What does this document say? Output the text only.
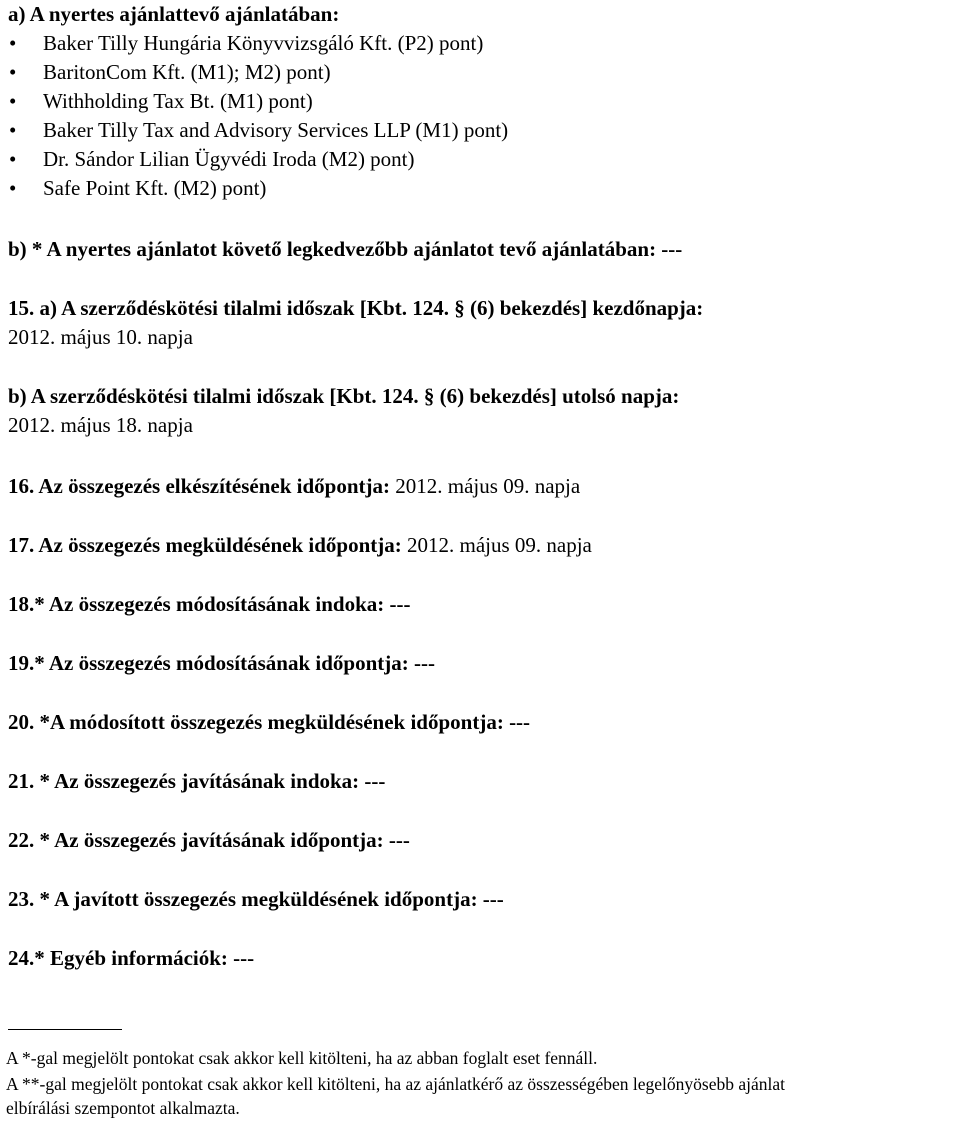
a) A nyertes ajánlattevő ajánlatában:
• Baker Tilly Hungária Könyvvizsgáló Kft. (P2) pont)
• BaritonCom Kft. (M1); M2) pont)
• Withholding Tax Bt. (M1) pont)
• Baker Tilly Tax and Advisory Services LLP (M1) pont)
• Dr. Sándor Lilian Ügyvédi Iroda (M2) pont)
• Safe Point Kft. (M2) pont)
b) * A nyertes ajánlatot követő legkedvezőbb ajánlatot tevő ajánlatában: ---
15. a) A szerződéskötési tilalmi időszak [Kbt. 124. § (6) bekezdés] kezdőnapja:
2012. május 10. napja
b) A szerződéskötési tilalmi időszak [Kbt. 124. § (6) bekezdés] utolsó napja:
2012. május 18. napja
16. Az összegezés elkészítésének időpontja: 2012. május 09. napja
17. Az összegezés megküldésének időpontja: 2012. május 09. napja
18.* Az összegezés módosításának indoka: ---
19.* Az összegezés módosításának időpontja: ---
20. *A módosított összegezés megküldésének időpontja: ---
21. * Az összegezés javításának indoka: ---
22. * Az összegezés javításának időpontja: ---
23. * A javított összegezés megküldésének időpontja: ---
24.* Egyéb információk: ---
A *-gal megjelölt pontokat csak akkor kell kitölteni, ha az abban foglalt eset fennáll.
A **-gal megjelölt pontokat csak akkor kell kitölteni, ha az ajánlatkérő az összességében legelőnyösebb ajánlat
elbírálási szempontot alkalmazta.
